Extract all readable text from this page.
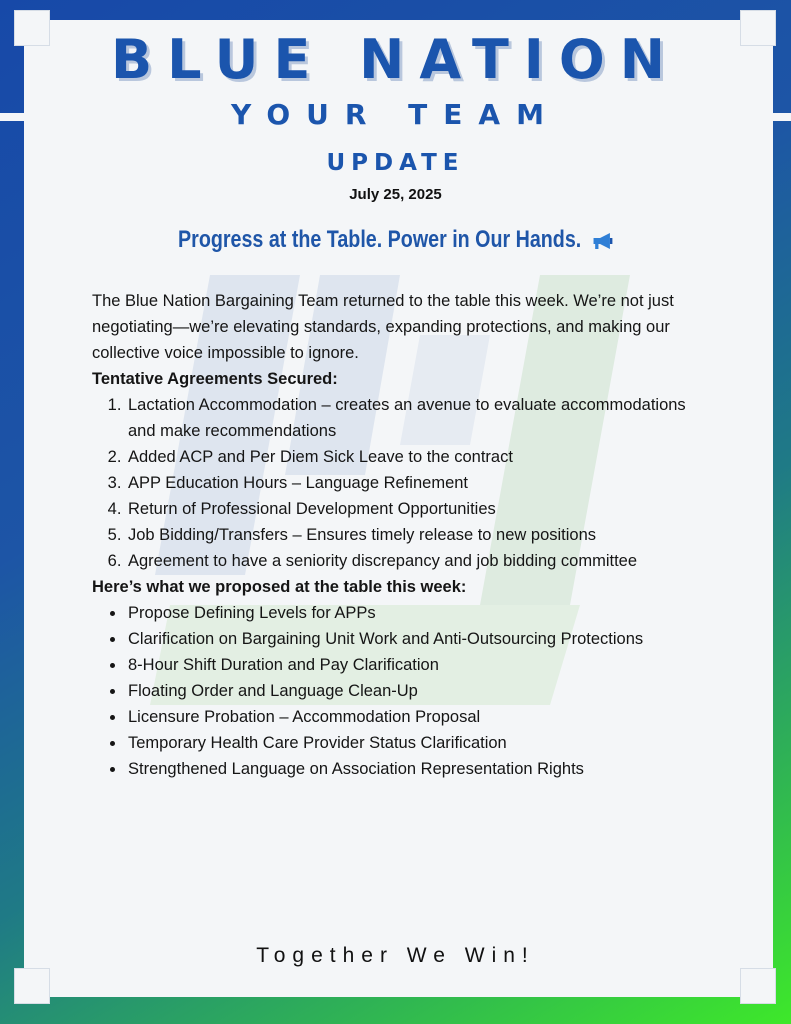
BLUE NATION
YOUR TEAM
UPDATE
July 25, 2025
Progress at the Table. Power in Our Hands.

The Blue Nation Bargaining Team returned to the table this week. We’re not just negotiating—we’re elevating standards, expanding protections, and making our collective voice impossible to ignore.

Tentative Agreements Secured:

1. Lactation Accommodation – creates an avenue to evaluate accommodations and make recommendations
2. Added ACP and Per Diem Sick Leave to the contract
3. APP Education Hours – Language Refinement
4. Return of Professional Development Opportunities
5. Job Bidding/Transfers – Ensures timely release to new positions
6. Agreement to have a seniority discrepancy and job bidding committee

Here’s what we proposed at the table this week:

• Propose Defining Levels for APPs
• Clarification on Bargaining Unit Work and Anti-Outsourcing Protections
• 8-Hour Shift Duration and Pay Clarification
• Floating Order and Language Clean-Up
• Licensure Probation – Accommodation Proposal
• Temporary Health Care Provider Status Clarification
• Strengthened Language on Association Representation Rights
Together We Win!
